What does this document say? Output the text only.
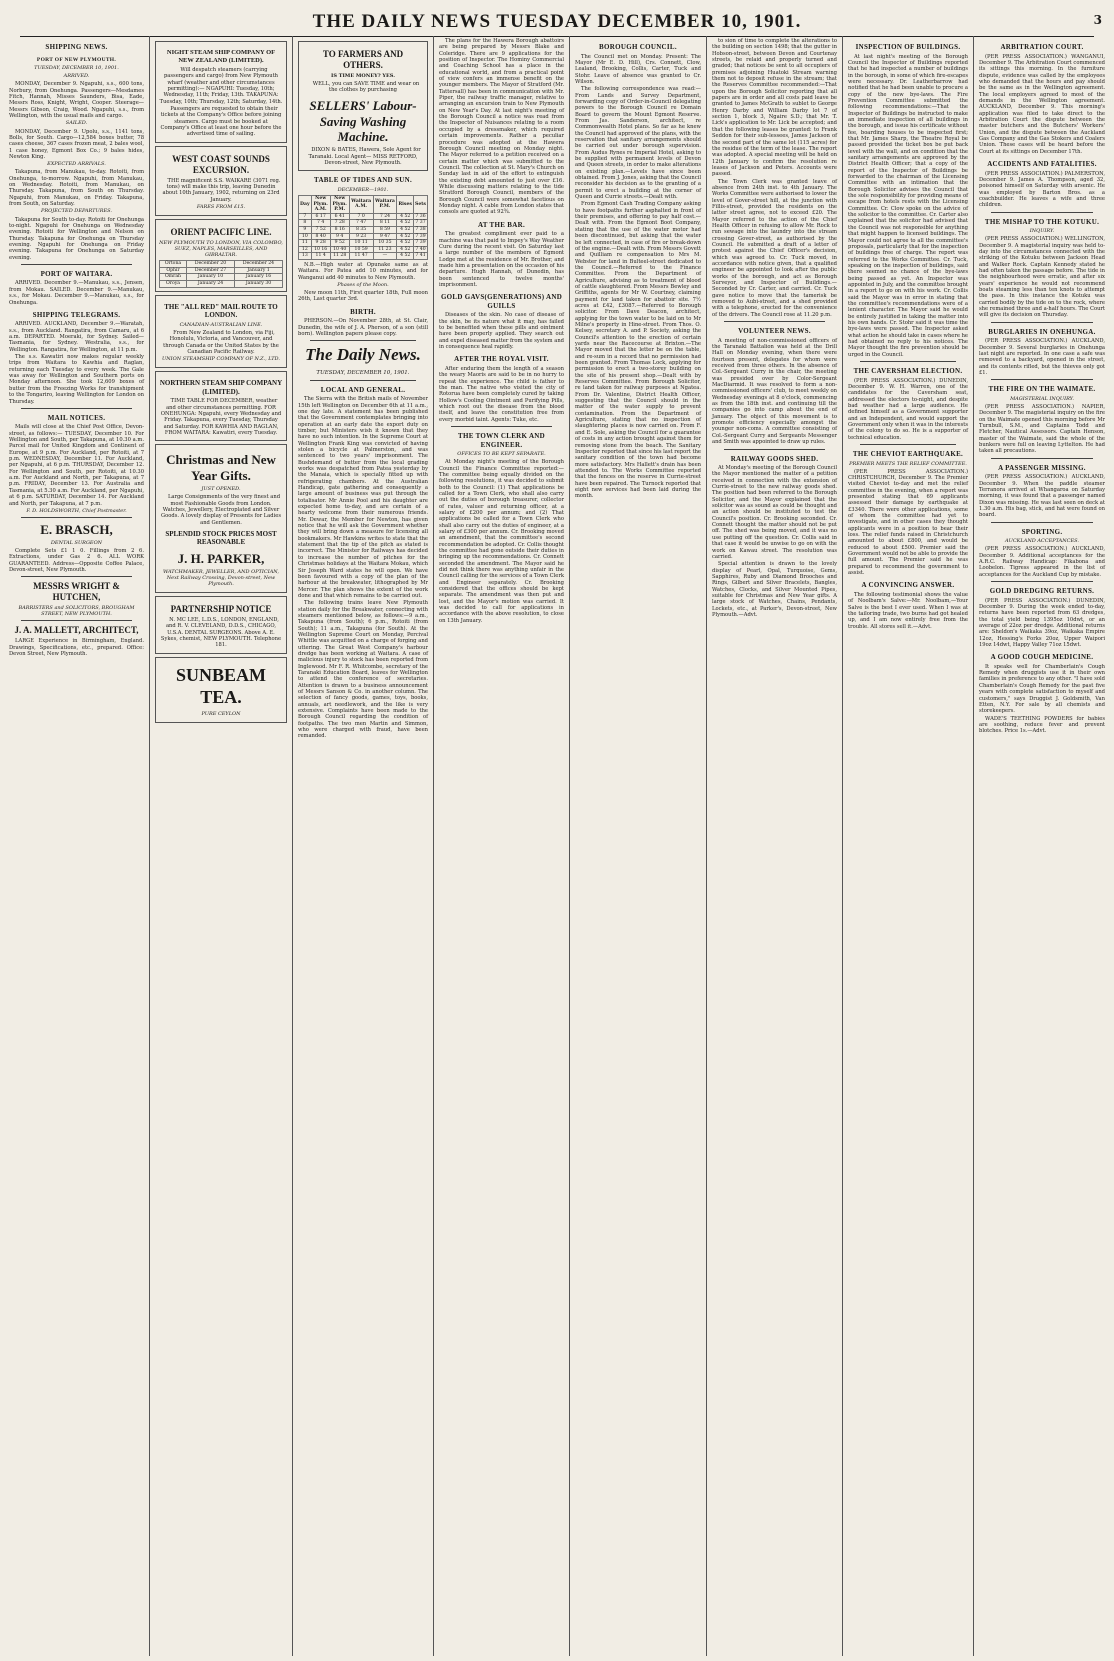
THE DAILY NEWS TUESDAY DECEMBER 10, 1901.	3
SHIPPING NEWS.
PORT OF NEW PLYMOUTH.
TUESDAY, DECEMBER 10, 1901.
ARRIVED.

MONDAY, December 9. Ngapuhi, s.s., 600 tons, Norbury, from Onehunga. Passengers—Mesdames Fitch, Hannah, Misses Saunders, Bisa, Eade, Messrs Ross, Knight, Wright, Cooper. Steerage—Messrs Gibson, Craig, Wood. Ngapuhi, s.s., from Wellington, with the usual mails and cargo.

SAILED.

MONDAY, December 9. Upolu, s.s., 1141 tons, Bolls, for South. Cargo—12,584 boxes butter, 78 cases cheese, 367 cases frozen meat, 2 bales wool, 1 case honey, Egmont Box Co.; 9 bales hides, Newton King.

EXPECTED ARRIVALS.

Takapuna, from Manukau, to-day. Rotoiti, from Onehunga, to-morrow. Ngapuhi, from Manukau, on Wednesday. Rotoiti, from Manukau, on Thursday. Takapuna, from South on Thursday. Ngapuhi, from Manukau, on Friday. Takapuna, from South, on Saturday.

PROJECTED DEPARTURES.

Takapuna for South to-day. Rotoiti for Onehunga to-night. Ngapuhi for Onehunga on Wednesday evening. Rotoiti for Wellington and Nelson on Thursday. Takapuna for Onehunga on Thursday evening. Ngapuhi for Onehunga on Friday evening. Takapuna for Onehunga on Saturday evening.

PORT OF WAITARA.

ARRIVED. December 9.—Manukau, s.s., Jensen, from Mokau. SAILED. December 9.—Manukau, s.s., for Mokau. December 9.—Manukau, s.s., for Onehunga.

SHIPPING TELEGRAMS.

ARRIVED. AUCKLAND, December 9.—Waratah, s.s., from Auckland. Rangatira, from Camaru, at 6 a.m. DEPARTED. Moeraki, for Sydney. Sailed—Tasmania, for Sydney. Westralia, s.s., for Wellington. Rangatira, for Wellington, at 11 p.m.

The s.s. Kawatiri now makes regular weekly trips from Waitara to Kawhia and Raglan, returning each Tuesday to every week. The Gale was away for Wellington and Southern ports on Monday afternoon. She took 12,609 boxes of butter from the Freezing Works for transhipment to the Tongariro, leaving Wellington for London on Thursday.

MAIL NOTICES.

Mails will close at the Chief Post Office, Devon-street, as follows:— TUESDAY, December 10. For Wellington and South, per Takapuna, at 10.30 a.m. Parcel mail for United Kingdom and Continent of Europe, at 9 p.m. For Auckland, per Rotoiti, at 7 p.m. WEDNESDAY, December 11. For Auckland, per Ngapuhi, at 6 p.m. THURSDAY, December 12. For Wellington and South, per Rotoiti, at 10.30 a.m. For Auckland and North, per Takapuna, at 7 p.m. FRIDAY, December 13. For Australia and Tasmania, at 5.30 a.m. For Auckland, per Ngapuhi, at 6 p.m. SATURDAY, December 14. For Auckland and North, per Takapuna, at 7 p.m.

F. D. HOLDSWORTH, Chief Postmaster.
E. BRASCH,
DENTAL SURGEON

Complete Sets £1 1 0. Fillings from 2 6. Extractions, under Gas 2 6. ALL WORK GUARANTEED. Address—Opposite Coffee Palace, Devon-street, New Plymouth.

MESSRS WRIGHT & HUTCHEN,
BARRISTERS and SOLICITORS, BROUGHAM STREET, NEW PLYMOUTH.
J. A. MALLETT, ARCHITECT,

LARGE Experience in Birmingham, England. Drawings, Specifications, etc., prepared. Office: Devon Street, New Plymouth.

NIGHT STEAM SHIP COMPANY OF NEW ZEALAND (LIMITED).

Will despatch steamers (carrying passengers and cargo) from New Plymouth wharf (weather and other circumstances permitting):— NGAPUHI: Tuesday, 10th; Wednesday, 11th; Friday, 13th. TAKAPUNA: Tuesday, 10th; Thursday, 12th; Saturday, 14th.

Passengers are requested to obtain their tickets at the Company's Office before joining steamers. Cargo must be booked at Company's Office at least one hour before the advertised time of sailing.

WEST COAST SOUNDS EXCURSION.

THE magnificent S.S. WAIKARE (3071 reg. tons) will make this trip, leaving Dunedin about 10th January, 1902, returning on 23rd January.

FARES FROM £15.
ORIENT PACIFIC LINE.
NEW PLYMOUTH TO LONDON, VIA COLOMBO, SUEZ, NAPLES, MARSEILLES, AND GIBRALTAR.
Ortona	December 20	December 24
Ophir	December 27	January 1
Omrah	January 10	January 16
Oroya	January 24	January 30
THE "ALL RED" MAIL ROUTE TO LONDON.
CANADIAN-AUSTRALIAN LINE.

From New Zealand to London, via Fiji, Honolulu, Victoria, and Vancouver, and through Canada or the United States by the Canadian Pacific Railway.

UNION STEAMSHIP COMPANY OF N.Z., LTD.
NORTHERN STEAM SHIP COMPANY (LIMITED).

TIME TABLE FOR DECEMBER, weather and other circumstances permitting. FOR ONEHUNGA: Ngapuhi, every Wednesday and Friday. Takapuna, every Tuesday, Thursday and Saturday. FOR KAWHIA AND RAGLAN, FROM WAITARA: Kawatiri, every Tuesday.

Christmas and New Year Gifts.
JUST OPENED.

Large Consignments of the very finest and most Fashionable Goods from London. Watches, Jewellery, Electroplated and Silver Goods. A lovely display of Presents for Ladies and Gentlemen.

SPLENDID STOCK PRICES MOST REASONABLE
J. H. PARKER,
WATCHMAKER, JEWELLER, AND OPTICIAN, Next Railway Crossing, Devon-street, New Plymouth.
PARTNERSHIP NOTICE

N. MC LEE, L.D.S., LONDON, ENGLAND, and R. V. CLEVELAND, D.D.S., CHICAGO, U.S.A. DENTAL SURGEONS. Above A. E. Sykes, chemist, NEW PLYMOUTH. Telephone 181.

SUNBEAM TEA.
PURE CEYLON
TO FARMERS AND OTHERS.
IS TIME MONEY? YES.

WELL, you can SAVE TIME and wear on the clothes by purchasing

SELLERS' Labour-Saving Washing Machine.

DIXON & BATES, Hawera, Sole Agent for Taranaki. Local Agent— MISS RETFORD, Devon-street, New Plymouth.

TABLE OF TIDES AND SUN.
DECEMBER—1901.
Day	New Plym. A.M.	New Plym. P.M.	Waitara A.M.	Waitara P.M.	Rises	Sets
7	6 17	6 41	7 0	7 24	4 52	7 36
8	7 4	7 28	7 47	8 11	4 52	7 37
9	7 52	8 16	8 35	8 59	4 52	7 38
10	8 40	9 4	9 23	9 47	4 52	7 39
11	9 28	9 52	10 11	10 35	4 52	7 39
12	10 16	10 40	10 59	11 23	4 52	7 40
13	11 4	11 28	11 47	—	4 52	7 41

N.B.—High water at Opunake same as at Waitara. For Patea add 10 minutes, and for Wanganui add 40 minutes to New Plymouth.

Phases of the Moon.

New moon 11th, First quarter 18th, Full moon 26th, Last quarter 3rd.

BIRTH.

PHERSON.—On November 28th, at St. Clair, Dunedin, the wife of J. A. Pherson, of a son (still born). Wellington papers please copy.

The Daily News.
TUESDAY, DECEMBER 10, 1901.
LOCAL AND GENERAL.

The Sierra with the British mails of November 15th left Wellington on December 6th at 11 a.m., one day late. A statement has been published that the Government contemplates bringing into operation at an early date the export duty on timber, but Ministers wish it known that they have no such intention. In the Supreme Court at Wellington Frank King was convicted of having stolen a bicycle at Palmerston, and was sentenced to two years' imprisonment. The Bushdemand of butter from the local grading works was despatched from Patea yesterday by the Manaia, which is specially fitted up with refrigerating chambers. At the Australian Handicap, gate gathering and consequently a large amount of business was put through the totalisator. Mr Annie Pool and his daughter are expected home to-day, and are certain of a hearty welcome from their numerous friends. Mr. Dewar, the Member for Newton, has given notice that he will ask the Government whether they will bring down a measure for licensing all bookmakers. Mr Hawkins writes to state that the statement that the tip of the pitch as stated is incorrect. The Minister for Railways has decided to increase the number of pitches for the Christmas holidays at the Waitara Mokau, which Sir Joseph Ward states he will open. We have been favoured with a copy of the plan of the harbour at the breakwater, lithographed by Mr Mercer. The plan shows the extent of the work done and that which remains to be carried out.

The following trains leave New Plymouth station daily for the Breakwater, connecting with steamers mentioned below, as follows:—9 a.m., Takapuna (from South); 6 p.m., Rotoiti (from South); 11 a.m., Takapuna (for South). At the Wellington Supreme Court on Monday, Percival Whittle was acquitted on a charge of forging and uttering. The Great West Company's harbour dredge has been working at Waitara. A case of malicious injury to stock has been reported from Inglewood. Mr F. R. Whitcombe, secretary of the Taranaki Education Board, leaves for Wellington to attend the conference of secretaries. Attention is drawn to a business announcement of Messrs Sanson & Co. in another column. The selection of fancy goods, games, toys, books, annuals, art needlework, and the like is very extensive. Complaints have been made to the Borough Council regarding the condition of footpaths. The two men Martin and Simmon, who were charged with fraud, have been remanded.

The plans for the Hawera Borough abattoirs are being prepared by Messrs Blake and Coleridge. There are 9 applications for the position of Inspector. The Hominy Commercial and Coaching School has a place in the educational world, and from a practical point of view confers an immense benefit on the younger members. The Mayor of Stratford (Mr. Tattersall) has been in communication with Mr. Piper, the railway traffic manager, relative to arranging an excursion train to New Plymouth on New Year's Day. At last night's meeting of the Borough Council a notice was read from the Inspector of Nuisances relating to a room occupied by a dressmaker, which required certain improvements. Rather a peculiar procedure was adopted at the Hawera Borough Council meeting on Monday night. The Mayor referred to a petition received on a certain matter which was submitted to the Council. The collection at St. Mary's Church on Sunday last in aid of the effort to extinguish the existing debt amounted to just over £16. While discussing matters relating to the tide Stratford Borough Council, members of the Borough Council were somewhat facetious on Monday night. A cable from London states that consols are quoted at 92¾.

AT THE BAR.

The greatest compliment ever paid to a machine was that paid to Impey's Way Weather Cure during the recent visit. On Saturday last a large number of the members of Egmont Lodge met at the residence of Mr. Brother, and made him a presentation on the occasion of his departure. Hugh Hannah, of Dunedin, has been sentenced to twelve months' imprisonment.

GOLD GAVS(GENERATIONS) AND GUILLS

Diseases of the skin. No case of disease of the skin, be its nature what it may, has failed to be benefited when these pills and ointment have been properly applied. They search out and expel diseased matter from the system and in consequence heal rapidly.

AFTER THE ROYAL VISIT.

After enduring them the length of a season the weary Maoris are said to be in no hurry to repeat the experience. The child is father to the man. The native who visited the city of Rotorua have been completely cured by taking Hollow's Cooling Ointment and Purifying Pills, which root out the disease from the blood itself, and leave the constitution free from every morbid taint. Agents: Tuke, etc.

THE TOWN CLERK AND ENGINEER.
OFFICES TO BE KEPT SEPARATE.

At Monday night's meeting of the Borough Council the Finance Committee reported:— The committee being equally divided on the following resolutions, it was decided to submit both to the Council: (1) That applications be called for a Town Clerk, who shall also carry out the duties of borough treasurer, collector of rates, valuer and returning officer, at a salary of £200 per annum; and (2) That applications be called for a Town Clerk who shall also carry out the duties of engineer, at a salary of £300 per annum. Cr. Brooking moved an amendment, that the committee's second recommendation be adopted. Cr. Collis thought the committee had gone outside their duties in bringing up the recommendations. Cr. Connett seconded the amendment. The Mayor said he did not think there was anything unfair in the Council calling for the services of a Town Clerk and Engineer separately. Cr. Brooking considered that the offices should be kept separate. The amendment was then put and lost, and the Mayor's motion was carried. It was decided to call for applications in accordance with the above resolution, to close on 13th January.

BOROUGH COUNCIL.

The Council met on Monday. Present: The Mayor (Mr E. D. Hill), Crs. Connett, Clow, Lealand, Brooking, Collis, Carter, Tuck and Stohr. Leave of absence was granted to Cr. Wilson.

The following correspondence was read:— From Lands and Survey Department, forwarding copy of Order-in-Council delegating powers to the Borough Council re Domain Board to govern the Mount Egmont Reserve. From Jas. Sanderson, architect, re Commonwealth Hotel plans. So far as he knew the Council had approved of the plans, with the reservation that sanitary arrangements should be carried out under borough supervision. From Audus Rynes re Imperial Hotel, asking to be supplied with permanent levels of Devon and Queen streets, in order to make alterations on existing plan.—Levels have since been obtained. From J. Jones, asking that the Council reconsider his decision as to the granting of a permit to erect a building at the corner of Queen and Currie streets.—Dealt with.

From Egmont Cash Trading Company asking to have footpaths further asphalted in front of their premises, and offering to pay half cost.—Dealt with. From the Egmont Boot Company, stating that the use of the water motor had been discontinued, but asking that the water be left connected, in case of fire or break-down of the engine.—Dealt with. From Messrs Govett and Quilliam re compensation to Mrs M. Webster for land in Bulteel-street dedicated to the Council.—Referred to the Finance Committee. From the Department of Agriculture, advising as to treatment of blood of cattle slaughtered. From Messrs Bewley and Griffiths, agents for Mr W. Courtney, claiming payment for land taken for abattoir site. 7½ acres at £42, £3087.—Referred to Borough solicitor. From Dave Deacon, architect, applying for the town water to be laid on to Mr Milne's property in Hine-street. From Thos. O. Kelsey, secretary A. and P. Society, asking the Council's attention to the erection of certain yards near the Racecourse at Brixton.—The Mayor moved that the letter be on the table, and re-sum in a record that no permission had been granted. From Thomas Lock, applying for permission to erect a two-storey building on the site of his present shop.—Dealt with by Reserves Committee. From Borough Solicitor, re land taken for railway purposes at Ngatea. From Dr. Valentine, District Health Officer, suggesting that the Council should in the matter of the water supply to prevent contamination. From the Department of Agriculture, stating that no inspection of slaughtering places is now carried on. From F. and E. Sole, asking the Council for a guarantee of costs in any action brought against them for removing stone from the beach. The Sanitary Inspector reported that since his last report the sanitary condition of the town had become more satisfactory. Mrs Hallett's drain has been attended to. The Works Committee reported that the fences on the reserve in Currie-street have been repaired. The Turnock reported that eight new services had been laid during the month.

to sion of time to complete the alterations to the building on section 1498; that the gutter in Hobson-street, between Devon and Courtenay streets, be relaid and properly turned and graded; that notices be sent to all occupiers of premises adjoining Huatoki Stream warning them not to deposit refuse in the stream; that the Reserves Committee recommended:—That upon the Borough Solicitor reporting that all papers are in order and all costs paid leave be granted to James McGrath to sublet to George Henry Darby and William Darby lot 7 of section 1, block 3, Ngaire S.D.; that Mr. T. Lick's application to Mr. Lick be accepted; and that the following leases be granted: to Frank Seddon for their sub-lessees, James Jackson of the second part of the same lot (115 acres) for the residue of the term of the lease. The report was adopted. A special meeting will be held on 12th January to confirm the resolution re leases of Jackson and Peters. Accounts were passed.

The Town Clerk was granted leave of absence from 24th inst. to 4th January. The Works Committee were authorised to lower the level of Gover-street hill, at the junction with Fillis-street, provided the residents on the latter street agree, not to exceed £20. The Mayor referred to the action of the Chief Health Officer in refusing to allow Mr. Rock to run sewage into the laundry into the stream crossing Gover-street, as authorised by the Council. He submitted a draft of a letter of protest against the Chief Officer's decision, which was agreed to. Cr. Tuck moved, in accordance with notice given, that a qualified engineer be appointed to look after the public works of the borough, and act as Borough Surveyor, and Inspector of Buildings.—Seconded by Cr. Carter, and carried. Cr. Tuck gave notice to move that the tamerisk be removed to Aubi-street, and a shed provided with a telephone, erected for the convenience of the drivers. The Council rose at 11.20 p.m.

VOLUNTEER NEWS.

A meeting of non-commissioned officers of the Taranaki Battalion was held at the Drill Hall on Monday evening, when there were fourteen present, delegates for whom were received from three others. In the absence of Col.-Sergeant Curry in the chair, the meeting was presided over by Color-Sergeant MacDiarmid. It was resolved to form a non-commissioned officers' club, to meet weekly on Wednesday evenings at 8 o'clock, commencing as from the 18th inst. and continuing till the companies go into camp about the end of January. The object of this movement is to promote efficiency especially amongst the younger non-coms. A committee consisting of Col.-Sergeant Curry and Sergeants Messenger and Smith was appointed to draw up rules.

RAILWAY GOODS SHED.

At Monday's meeting of the Borough Council the Mayor mentioned the matter of a petition received in connection with the extension of Currie-street to the new railway goods shed. The position had been referred to the Borough Solicitor, and the Mayor explained that the solicitor was as sound as could be thought and an action should be instituted to test the Council's position. Cr. Brooking seconded. Cr. Connett thought the matter should not be put off. The shed was being moved, and it was no use putting off the question. Cr. Collis said in that case it would be unwise to go on with the work on Kawau street. The resolution was carried.

Special attention is drawn to the lovely display of Pearl, Opal, Turquoise, Gems, Sapphires, Ruby and Diamond Brooches and Rings, Gilbert and Silver Bracelets, Bangles, Watches, Clocks, and Silver Mounted Pipes, suitable for Christmas and New Year gifts. A large stock of Watches, Chains, Pendants, Lockets, etc., at Parker's, Devon-street, New Plymouth.—Advt.

INSPECTION OF BUILDINGS.

At last night's meeting of the Borough Council the Inspector of Buildings reported that he had inspected a number of buildings in the borough, in some of which fire-escapes were necessary. Dr. Leatherbarrow had notified that he had been unable to procure a copy of the new bye-laws. The Fire Prevention Committee submitted the following recommendations:—That the Inspector of Buildings be instructed to make an immediate inspection of all buildings in the borough, and issue his certificate without fee, boarding houses to be inspected first; that Mr. James Sharp, the Theatre Royal be passed provided the ticket box be put back level with the wall, and on condition that the sanitary arrangements are approved by the District Health Officer; that a copy of the report of the Inspector of Buildings be forwarded to the chairman of the Licensing Committee with an intimation that the Borough Solicitor advises the Council that the sole responsibility for providing means of escape from hotels rests with the Licensing Committee. Cr. Clow spoke on the advice of the solicitor to the committee. Cr. Carter also explained that the solicitor had advised that the Council was not responsible for anything that might happen to licensed buildings. The Mayor could not agree to all the committee's proposals, particularly that for the inspection of buildings free of charge. The report was referred to the Works Committee. Cr. Tuck, speaking on the inspection of buildings, said there seemed no chance of the bye-laws being passed as yet. An Inspector was appointed in July, and the committee brought in a report to go on with his work. Cr. Collis said the Mayor was in error in stating that the committee's recommendations were of a lenient character. The Mayor said he would be entirely justified in taking the matter into his own hands. Cr. Stohr said it was time the bye-laws were passed. The Inspector asked what action he should take in cases where he had obtained no reply to his notices. The Mayor thought the fire prevention should be urged in the Council.

THE CAVERSHAM ELECTION.

(PER PRESS ASSOCIATION.) DUNEDIN, December 9. W. H. Warren, one of the candidates for the Caversham seat, addressed the electors to-night, and despite bad weather had a large audience. He defined himself as a Government supporter and an Independent, and would support the Government only when it was in the interests of the colony to do so. He is a supporter of technical education.

THE CHEVIOT EARTHQUAKE.
PREMIER MEETS THE RELIEF COMMITTEE.

(PER PRESS ASSOCIATION.) CHRISTCHURCH, December 9. The Premier visited Cheviot to-day and met the relief committee in the evening, when a report was presented stating that 69 applicants assessed their damage by earthquake at £3340. There were other applications, some of whom the committee had yet to investigate, and in other cases they thought applicants were in a position to bear their loss. The relief funds raised in Christchurch amounted to about £800, and would be reduced to about £500. Premier said the Government would not be able to provide the full amount. The Premier said he was prepared to recommend the government to assist.

A CONVINCING ANSWER.

The following testimonial shows the value of Noolbam's Salve:—Mr. Noolbam,—Your Salve is the best I ever used. When I was at the tailoring trade, two burns had got healed up, and I am now entirely free from the trouble. All stores sell it.—Advt.

ARBITRATION COURT.

(PER PRESS ASSOCIATION.) WANGANUI, December 9. The Arbitration Court commenced its sittings this morning. In the furniture dispute, evidence was called by the employees who demanded that the hours and pay should be the same as in the Wellington agreement. The local employers agreed to most of the demands in the Wellington agreement. AUCKLAND, December 9. This morning's application was filed to take direct to the Arbitration Court the dispute between the master butchers and the Butchers' Workers' Union, and the dispute between the Auckland Gas Company and the Gas Stokers and Coalers Union. These cases will be heard before the Court at its sittings on December 17th.

ACCIDENTS AND FATALITIES.

(PER PRESS ASSOCIATION.) PALMERSTON, December 9. James A. Thompson, aged 32, poisoned himself on Saturday with arsenic. He was employed by Barton Bros. as a coachbuilder. He leaves a wife and three children.

THE MISHAP TO THE KOTUKU.
INQUIRY.

(PER PRESS ASSOCIATION.) WELLINGTON, December 9. A magisterial inquiry was held to-day into the circumstances connected with the striking of the Kotuku between Jackson Head and Walker Rock. Captain Kennedy stated he had often taken the passage before. The tide in the neighbourhood were erratic, and after six years' experience he would not recommend boats steaming less than ten knots to attempt the pass. In this instance the Kotuku was carried bodily by the tide on to the rock, where she remained three and a-half hours. The Court will give its decision on Thursday.

BURGLARIES IN ONEHUNGA.

(PER PRESS ASSOCIATION.) AUCKLAND, December 9. Several burglaries in Onehunga last night are reported. In one case a safe was removed to a backyard, opened in the street, and its contents rifled, but the thieves only got £1.

THE FIRE ON THE WAIMATE.
MAGISTERIAL INQUIRY.

(PER PRESS ASSOCIATION.) NAPIER, December 9. The magisterial inquiry on the fire on the Waimate opened this morning before Mr Turnbull, S.M., and Captains Todd and Fletcher, Nautical Assessors. Captain Henson, master of the Waimate, said the whole of the bunkers were full on leaving Lyttelton. He had taken all precautions.

A PASSENGER MISSING.

(PER PRESS ASSOCIATION.) AUCKLAND, December 9. When the paddle steamer Terranora arrived at Whangaroa on Saturday morning, it was found that a passenger named Dixon was missing. He was last seen on deck at 1.30 a.m. His bag, stick, and hat were found on board.

SPORTING.
AUCKLAND ACCEPTANCES.

(PER PRESS ASSOCIATION.) AUCKLAND, December 9. Additional acceptances for the A.R.C. Railway Handicap: Fikabona and Loobelon. Tigress appeared in the list of acceptances for the Auckland Cup by mistake.

GOLD DREDGING RETURNS.

(PER PRESS ASSOCIATION.) DUNEDIN, December 9. During the week ended to-day, returns have been reported from 63 dredges, the total yield being 1395oz 10dwt, or an average of 22oz per dredge. Additional returns are: Sheldon's Waikaka 39oz, Waikaka Empire 12oz, Hessing's Forks 20oz, Upper Waipori 19oz 14dwt, Happy Valley 71oz 15dwt.

A GOOD COUGH MEDICINE.

It speaks well for Chamberlain's Cough Remedy when druggists use it in their own families in preference to any other. "I have sold Chamberlain's Cough Remedy for the past five years with complete satisfaction to myself and customers," says Druggist J. Goldsmith, Van Etten, N.Y. For sale by all chemists and storekeepers.

WADE'S TEETHING POWDERS for babies are soothing, reduce fever and prevent blotches. Price 1s.—Advt.
